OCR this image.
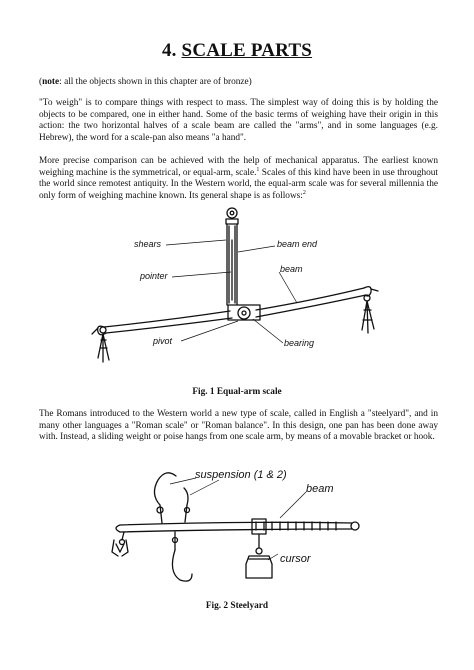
4. SCALE PARTS

(note: all the objects shown in this chapter are of bronze)

"To weigh" is to compare things with respect to mass. The simplest way of doing this is by holding the objects to be compared, one in either hand. Some of the basic terms of weighing have their origin in this action: the two horizontal halves of a scale beam are called the "arms", and in some languages (e.g. Hebrew), the word for a scale-pan also means "a hand".

More precise comparison can be achieved with the help of mechanical apparatus. The earliest known weighing machine is the symmetrical, or equal-arm, scale.$^1$ Scales of this kind have been in use throughout the world since remotest antiquity. In the Western world, the equal-arm scale was for several millennia the only form of weighing machine known. Its general shape is as follows:$^2$

shears
pointer
pivot
beam end
beam
bearing
Fig. 1 Equal-arm scale

The Romans introduced to the Western world a new type of scale, called in English a "steelyard", and in many other languages a "Roman scale" or "Roman balance". In this design, one pan has been done away with. Instead, a sliding weight or poise hangs from one scale arm, by means of a movable bracket or hook.

suspension (1 & 2)
beam
cursor
Fig. 2 Steelyard
